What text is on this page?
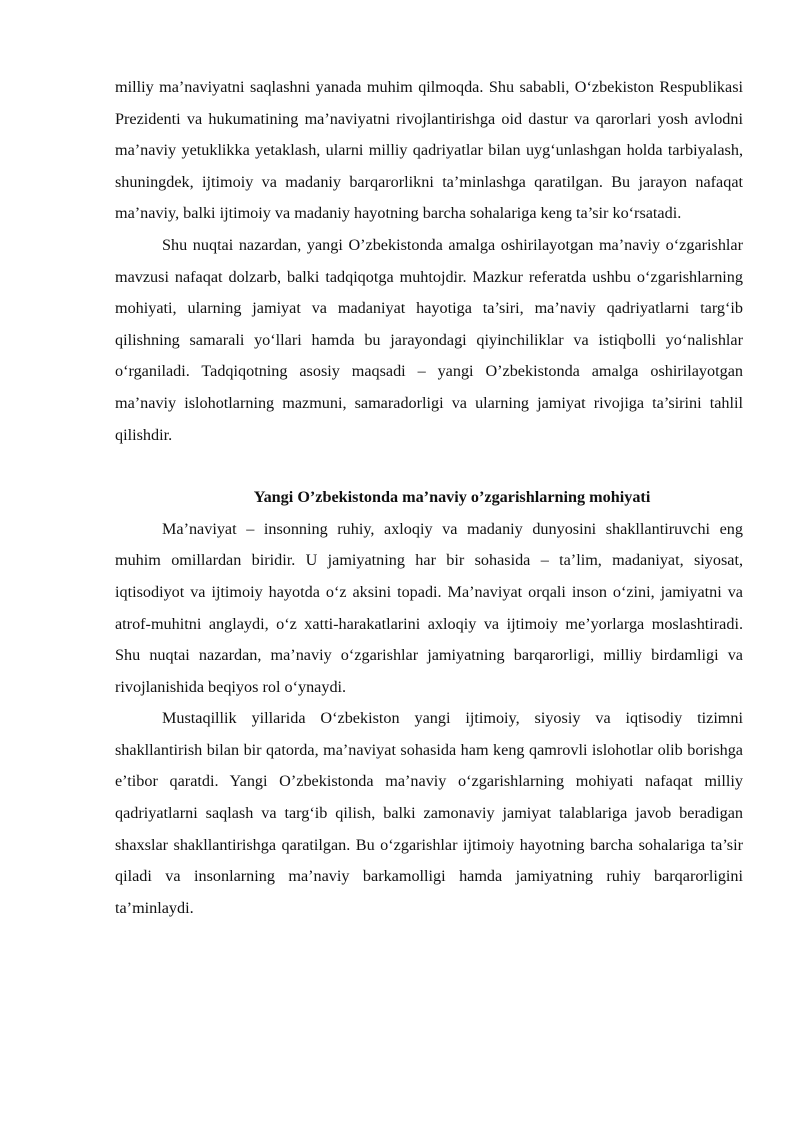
milliy ma’naviyatni saqlashni yanada muhim qilmoqda. Shu sababli, O‘zbekiston Respublikasi Prezidenti va hukumatining ma’naviyatni rivojlantirishga oid dastur va qarorlari yosh avlodni ma’naviy yetuklikka yetaklash, ularni milliy qadriyatlar bilan uyg‘unlashgan holda tarbiyalash, shuningdek, ijtimoiy va madaniy barqarorlikni ta’minlashga qaratilgan. Bu jarayon nafaqat ma’naviy, balki ijtimoiy va madaniy hayotning barcha sohalariga keng ta’sir ko‘rsatadi.

Shu nuqtai nazardan, yangi O’zbekistonda amalga oshirilayotgan ma’naviy o‘zgarishlar mavzusi nafaqat dolzarb, balki tadqiqotga muhtojdir. Mazkur referatda ushbu o‘zgarishlarning mohiyati, ularning jamiyat va madaniyat hayotiga ta’siri, ma’naviy qadriyatlarni targ‘ib qilishning samarali yo‘llari hamda bu jarayondagi qiyinchiliklar va istiqbolli yo‘nalishlar o‘rganiladi. Tadqiqotning asosiy maqsadi – yangi O’zbekistonda amalga oshirilayotgan ma’naviy islohotlarning mazmuni, samaradorligi va ularning jamiyat rivojiga ta’sirini tahlil qilishdir.

Yangi O’zbekistonda ma’naviy o’zgarishlarning mohiyati

Ma’naviyat – insonning ruhiy, axloqiy va madaniy dunyosini shakllantiruvchi eng muhim omillardan biridir. U jamiyatning har bir sohasida – ta’lim, madaniyat, siyosat, iqtisodiyot va ijtimoiy hayotda o‘z aksini topadi. Ma’naviyat orqali inson o‘zini, jamiyatni va atrof-muhitni anglaydi, o‘z xatti-harakatlarini axloqiy va ijtimoiy me’yorlarga moslashtiradi. Shu nuqtai nazardan, ma’naviy o‘zgarishlar jamiyatning barqarorligi, milliy birdamligi va rivojlanishida beqiyos rol o‘ynaydi.

Mustaqillik yillarida O‘zbekiston yangi ijtimoiy, siyosiy va iqtisodiy tizimni shakllantirish bilan bir qatorda, ma’naviyat sohasida ham keng qamrovli islohotlar olib borishga e’tibor qaratdi. Yangi O’zbekistonda ma’naviy o‘zgarishlarning mohiyati nafaqat milliy qadriyatlarni saqlash va targ‘ib qilish, balki zamonaviy jamiyat talablariga javob beradigan shaxslar shakllantirishga qaratilgan. Bu o‘zgarishlar ijtimoiy hayotning barcha sohalariga ta’sir qiladi va insonlarning ma’naviy barkamolligi hamda jamiyatning ruhiy barqarorligini ta’minlaydi.
